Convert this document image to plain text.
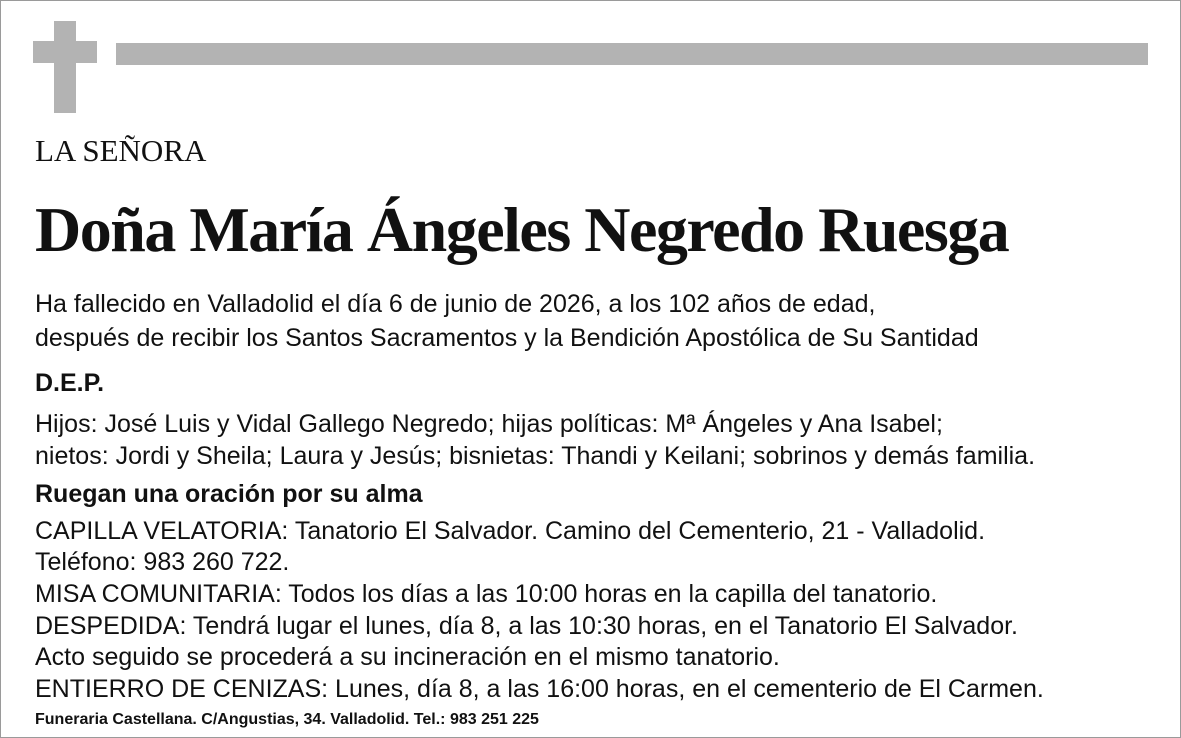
LA SEÑORA
Doña María Ángeles Negredo Ruesga
Ha fallecido en Valladolid el día 6 de junio de 2026, a los 102 años de edad,
después de recibir los Santos Sacramentos y la Bendición Apostólica de Su Santidad
D.E.P.
Hijos: José Luis y Vidal Gallego Negredo; hijas políticas: Mª Ángeles y Ana Isabel;
nietos: Jordi y Sheila; Laura y Jesús; bisnietas: Thandi y Keilani; sobrinos y demás familia.
Ruegan una oración por su alma
CAPILLA VELATORIA: Tanatorio El Salvador. Camino del Cementerio, 21 - Valladolid.
Teléfono: 983 260 722.
MISA COMUNITARIA: Todos los días a las 10:00 horas en la capilla del tanatorio.
DESPEDIDA: Tendrá lugar el lunes, día 8, a las 10:30 horas, en el Tanatorio El Salvador.
Acto seguido se procederá a su incineración en el mismo tanatorio.
ENTIERRO DE CENIZAS: Lunes, día 8, a las 16:00 horas, en el cementerio de El Carmen.
Funeraria Castellana. C/Angustias, 34. Valladolid. Tel.: 983 251 225
